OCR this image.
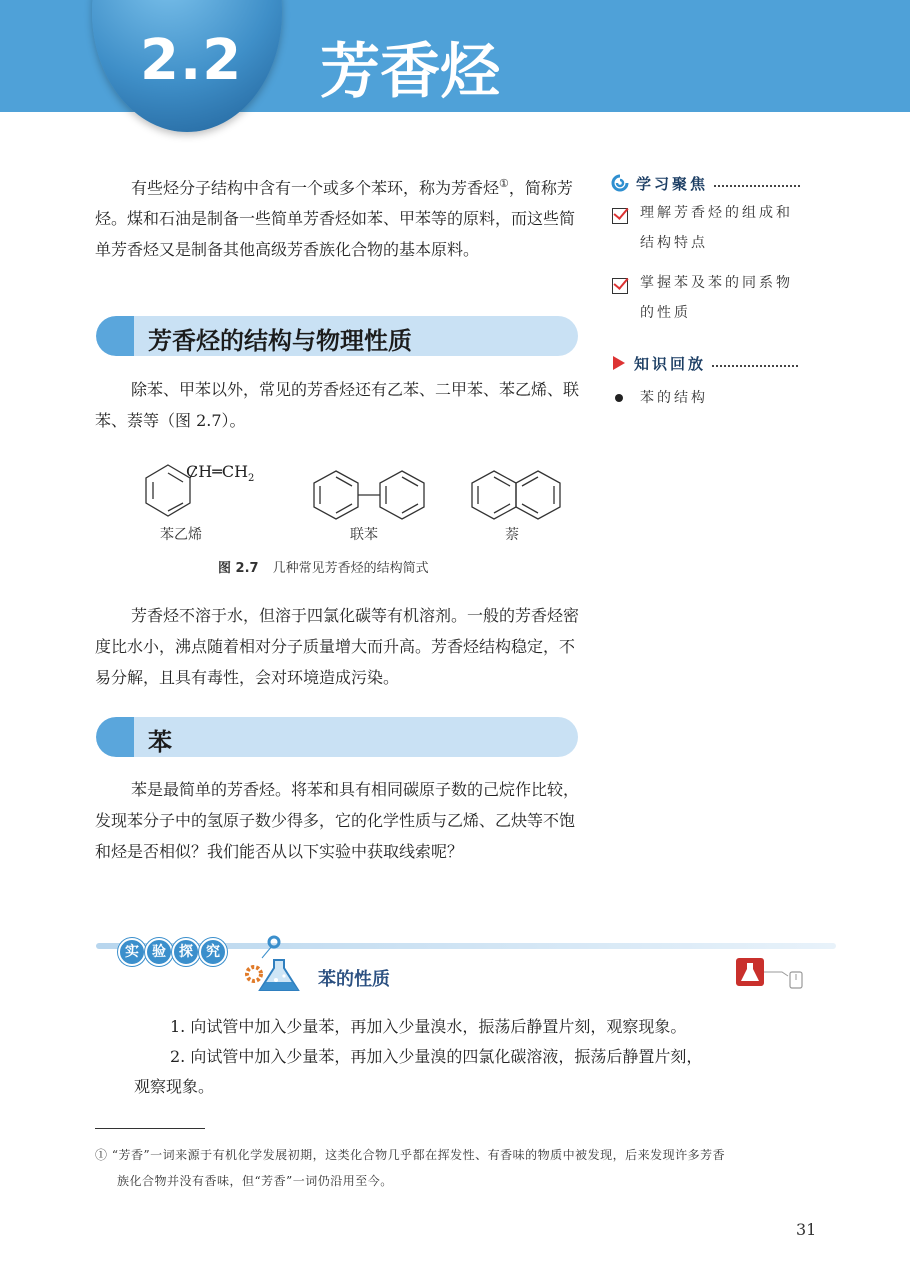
2.2 芳香烃

有些烃分子结构中含有一个或多个苯环，称为芳香烃①，简称芳烃。煤和石油是制备一些简单芳香烃如苯、甲苯等的原料，而这些简单芳香烃又是制备其他高级芳香族化合物的基本原料。

芳香烃的结构与物理性质

除苯、甲苯以外，常见的芳香烃还有乙苯、二甲苯、苯乙烯、联苯、萘等（图 2.7）。

$CH═CH_2$
苯乙烯	联苯	萘
图 2.7 几种常见芳香烃的结构简式

芳香烃不溶于水，但溶于四氯化碳等有机溶剂。一般的芳香烃密度比水小，沸点随着相对分子质量增大而升高。芳香烃结构稳定，不易分解，且具有毒性，会对环境造成污染。

苯

苯是最简单的芳香烃。将苯和具有相同碳原子数的己烷作比较，发现苯分子中的氢原子数少得多，它的化学性质与乙烯、乙炔等不饱和烃是否相似？我们能否从以下实验中获取线索呢？

学习聚焦
理解芳香烃的组成和
结构特点
掌握苯及苯的同系物
的性质
知识回放
苯的结构
实 验 探 究
苯的性质
1. 向试管中加入少量苯，再加入少量溴水，振荡后静置片刻，观察现象。
2. 向试管中加入少量苯，再加入少量溴的四氯化碳溶液，振荡后静置片刻，
观察现象。
① “芳香”一词来源于有机化学发展初期，这类化合物几乎都在挥发性、有香味的物质中被发现，后来发现许多芳香
族化合物并没有香味，但“芳香”一词仍沿用至今。
31
